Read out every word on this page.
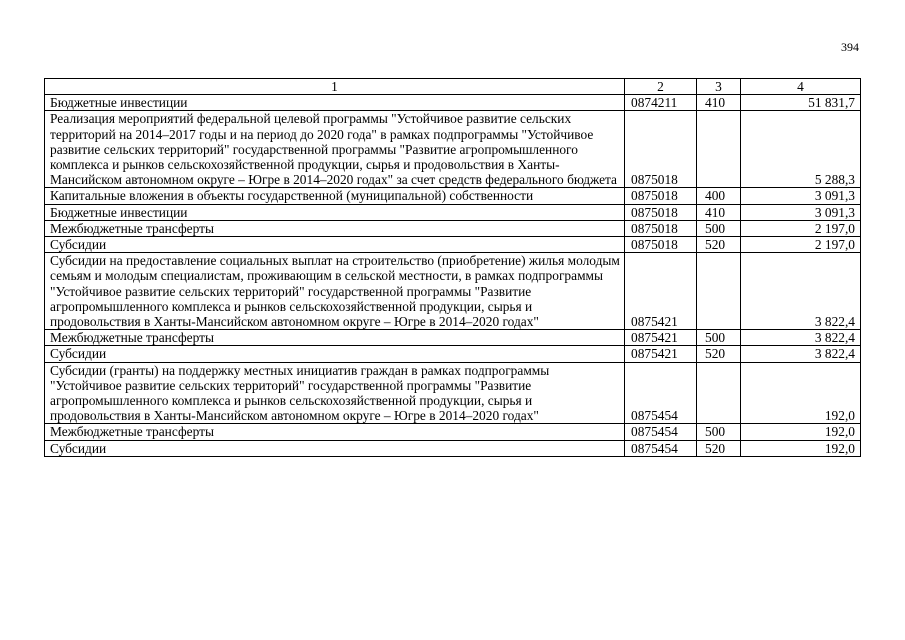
394
1	2	3	4
Бюджетные инвестиции	0874211	410	51 831,7
Реализация мероприятий федеральной целевой программы "Устойчивое развитие сельских территорий на 2014–2017 годы и на период до 2020 года" в рамках подпрограммы "Устойчивое развитие сельских территорий" государственной программы "Развитие агропромышленного комплекса и рынков сельскохозяйственной продукции, сырья и продовольствия в Ханты-Мансийском автономном округе – Югре в 2014–2020 годах" за счет средств федерального бюджета	0875018		5 288,3
Капитальные вложения в объекты государственной (муниципальной) собственности	0875018	400	3 091,3
Бюджетные инвестиции	0875018	410	3 091,3
Межбюджетные трансферты	0875018	500	2 197,0
Субсидии	0875018	520	2 197,0
Субсидии на предоставление социальных выплат на строительство (приобретение) жилья молодым семьям и молодым специалистам, проживающим в сельской местности, в рамках подпрограммы "Устойчивое развитие сельских территорий" государственной программы "Развитие агропромышленного комплекса и рынков сельскохозяйственной продукции, сырья и продовольствия в Ханты-Мансийском автономном округе – Югре в 2014–2020 годах"	0875421		3 822,4
Межбюджетные трансферты	0875421	500	3 822,4
Субсидии	0875421	520	3 822,4
Субсидии (гранты) на поддержку местных инициатив граждан в рамках подпрограммы "Устойчивое развитие сельских территорий" государственной программы "Развитие агропромышленного комплекса и рынков сельскохозяйственной продукции, сырья и продовольствия в Ханты-Мансийском автономном округе – Югре в 2014–2020 годах"	0875454		192,0
Межбюджетные трансферты	0875454	500	192,0
Субсидии	0875454	520	192,0
